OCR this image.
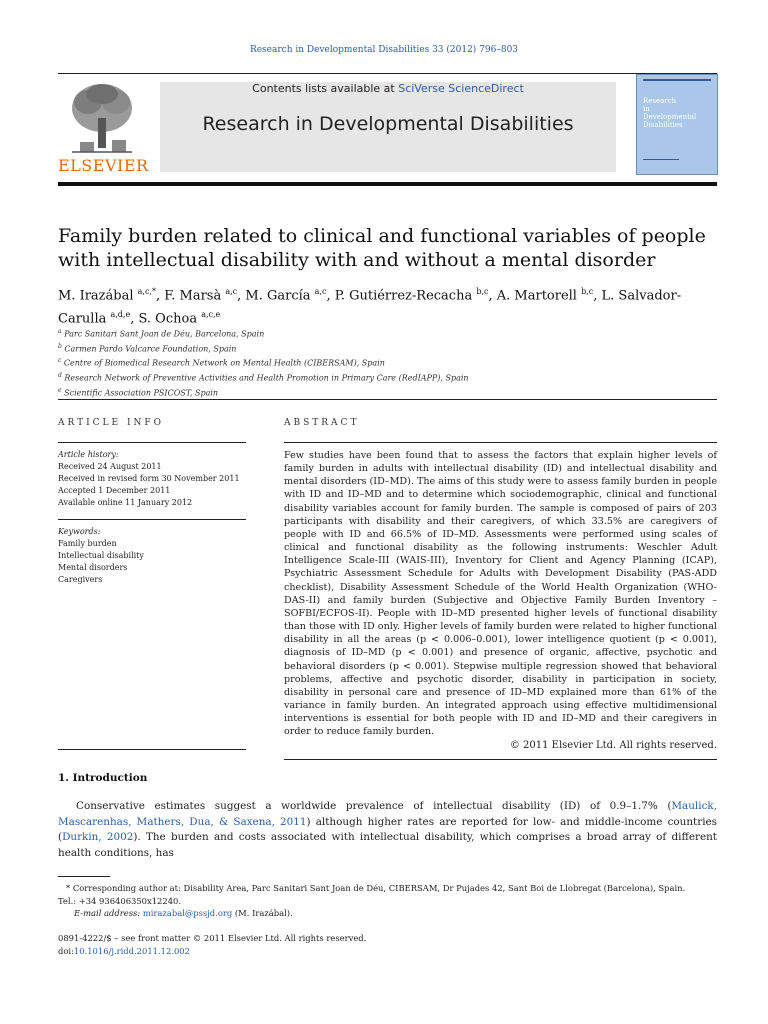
Research in Developmental Disabilities 33 (2012) 796–803
ELSEVIER
Contents lists available at SciVerse ScienceDirect
Research in Developmental Disabilities
Research
in
Developmental
Disabilities
Family burden related to clinical and functional variables of people with intellectual disability with and without a mental disorder
M. Irazábal $^{a,c,*}$, F. Marsà $^{a,c}$, M. García $^{a,c}$, P. Gutiérrez-Recacha $^{b,c}$, A. Martorell $^{b,c}$, L. Salvador-Carulla $^{a,d,e}$, S. Ochoa $^{a,c,e}$
$^a$ Parc Sanitari Sant Joan de Déu, Barcelona, Spain
$^b$ Carmen Pardo Valcarce Foundation, Spain
$^c$ Centre of Biomedical Research Network on Mental Health (CIBERSAM), Spain
$^d$ Research Network of Preventive Activities and Health Promotion in Primary Care (RedIAPP), Spain
$^e$ Scientific Association PSICOST, Spain
ARTICLE INFO
Article history:
Received 24 August 2011
Received in revised form 30 November 2011
Accepted 1 December 2011
Available online 11 January 2012
Keywords:
Family burden
Intellectual disability
Mental disorders
Caregivers
ABSTRACT
Few studies have been found that to assess the factors that explain higher levels of family burden in adults with intellectual disability (ID) and intellectual disability and mental disorders (ID–MD). The aims of this study were to assess family burden in people with ID and ID–MD and to determine which sociodemographic, clinical and functional disability variables account for family burden. The sample is composed of pairs of 203 participants with disability and their caregivers, of which 33.5% are caregivers of people with ID and 66.5% of ID–MD. Assessments were performed using scales of clinical and functional disability as the following instruments: Weschler Adult Intelligence Scale-III (WAIS-III), Inventory for Client and Agency Planning (ICAP), Psychiatric Assessment Schedule for Adults with Development Disability (PAS-ADD checklist), Disability Assessment Schedule of the World Health Organization (WHO-DAS-II) and family burden (Subjective and Objective Family Burden Inventory – SOFBI/ECFOS-II). People with ID–MD presented higher levels of functional disability than those with ID only. Higher levels of family burden were related to higher functional disability in all the areas (p < 0.006–0.001), lower intelligence quotient (p < 0.001), diagnosis of ID–MD (p < 0.001) and presence of organic, affective, psychotic and behavioral disorders (p < 0.001). Stepwise multiple regression showed that behavioral problems, affective and psychotic disorder, disability in participation in society, disability in personal care and presence of ID–MD explained more than 61% of the variance in family burden. An integrated approach using effective multidimensional interventions is essential for both people with ID and ID–MD and their caregivers in order to reduce family burden.
© 2011 Elsevier Ltd. All rights reserved.
1. Introduction
Conservative estimates suggest a worldwide prevalence of intellectual disability (ID) of 0.9–1.7% (Maulick, Mascarenhas, Mathers, Dua, & Saxena, 2011) although higher rates are reported for low- and middle-income countries (Durkin, 2002). The burden and costs associated with intellectual disability, which comprises a broad array of different health conditions, has
* Corresponding author at: Disability Area, Parc Sanitari Sant Joan de Déu, CIBERSAM, Dr Pujades 42, Sant Boi de Llobregat (Barcelona), Spain.
Tel.: +34 936406350x12240.
E-mail address: mirazabal@pssjd.org (M. Irazábal).
0891-4222/$ – see front matter © 2011 Elsevier Ltd. All rights reserved.
doi:10.1016/j.ridd.2011.12.002
